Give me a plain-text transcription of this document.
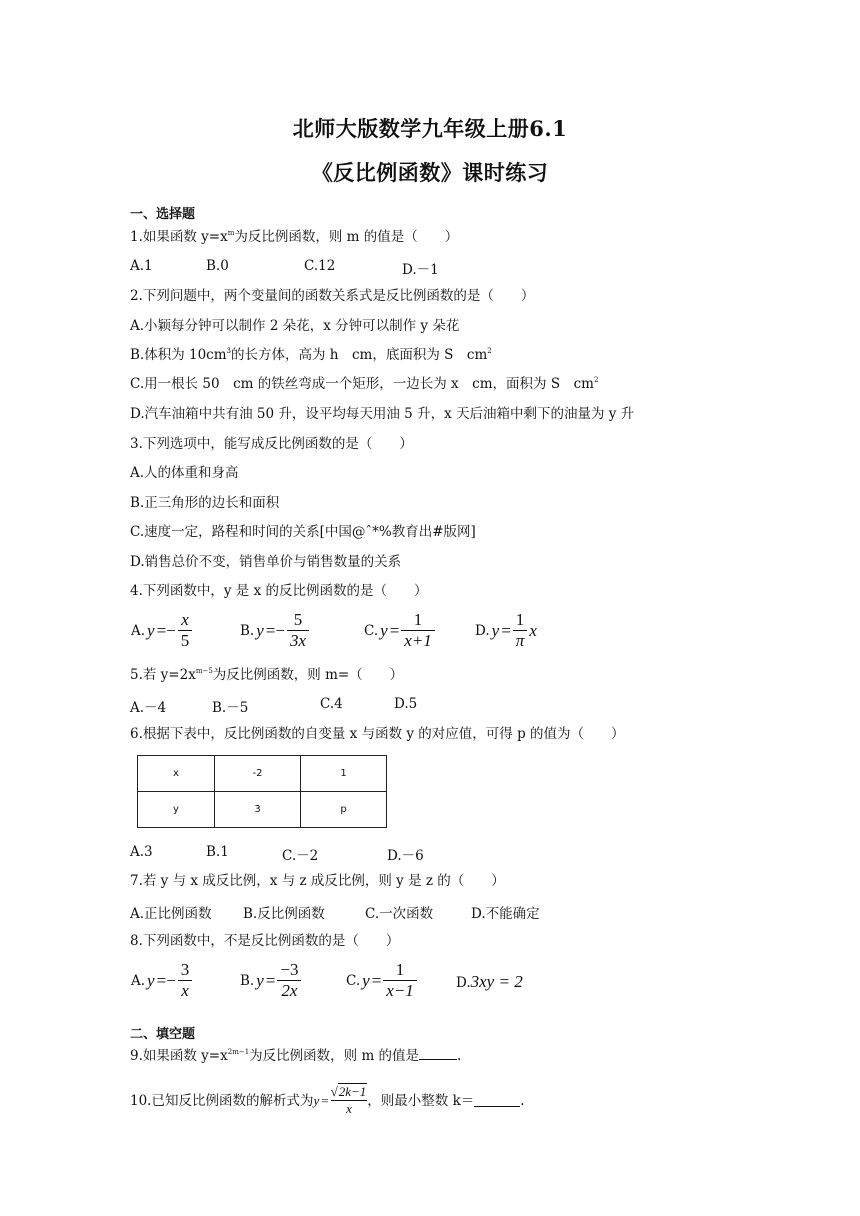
北师大版数学九年级上册6.1
《反比例函数》课时练习
一、选择题
1.如果函数 $y=x^m$为反比例函数，则 m 的值是（　　）
A.1	B.0	C.12	D.－1
2.下列问题中，两个变量间的函数关系式是反比例函数的是（　　）
A.小颖每分钟可以制作 2 朵花，x 分钟可以制作 y 朵花
B.体积为 $10cm^3$的长方体，高为 h　cm，底面积为 S　$cm^2$
C.用一根长 50　cm 的铁丝弯成一个矩形，一边长为 x　cm，面积为 S　$cm^2$
D.汽车油箱中共有油 50 升，设平均每天用油 5 升，x 天后油箱中剩下的油量为 y 升
3.下列选项中，能写成反比例函数的是（　　）
A.人的体重和身高
B.正三角形的边长和面积
C.速度一定，路程和时间的关系[中国@ˆ*%教育出#版网]
D.销售总价不变，销售单价与销售数量的关系
4.下列函数中，y 是 x 的反比例函数的是（　　）
A. $y =- \frac{x}{5}$	B. $y =- \frac{5}{3x}$	C. $y = \frac{1}{x+1}$	D. $y = \frac{1}{\pi}$ x
5.若 $y=2x^{m-5}$为反比例函数，则 m=（　　）
A.－4	B.－5	C.4	D.5
6.根据下表中，反比例函数的自变量 x 与函数 y 的对应值，可得 p 的值为（　　）
x	-2	1
y	3	p
A.3	B.1	C.－2	D.－6
7.若 y 与 x 成反比例，x 与 z 成反比例，则 y 是 z 的（　　）
A.正比例函数 B.反比例函数	C.一次函数	D.不能确定
8.下列函数中，不是反比例函数的是（　　）
A. $y =- \frac{3}{x}$	B. $y = \frac{-3}{2x}$	C. $y = \frac{1}{x-1}$	D.3xy = 2
二、填空题
9.如果函数 $y=x^{2m-1}$为反比例函数，则 m 的值是	.
10.已知反比例函数的解析式为 $y = \frac{√2k-1}{x}$ ，则最小整数 k＝	.
